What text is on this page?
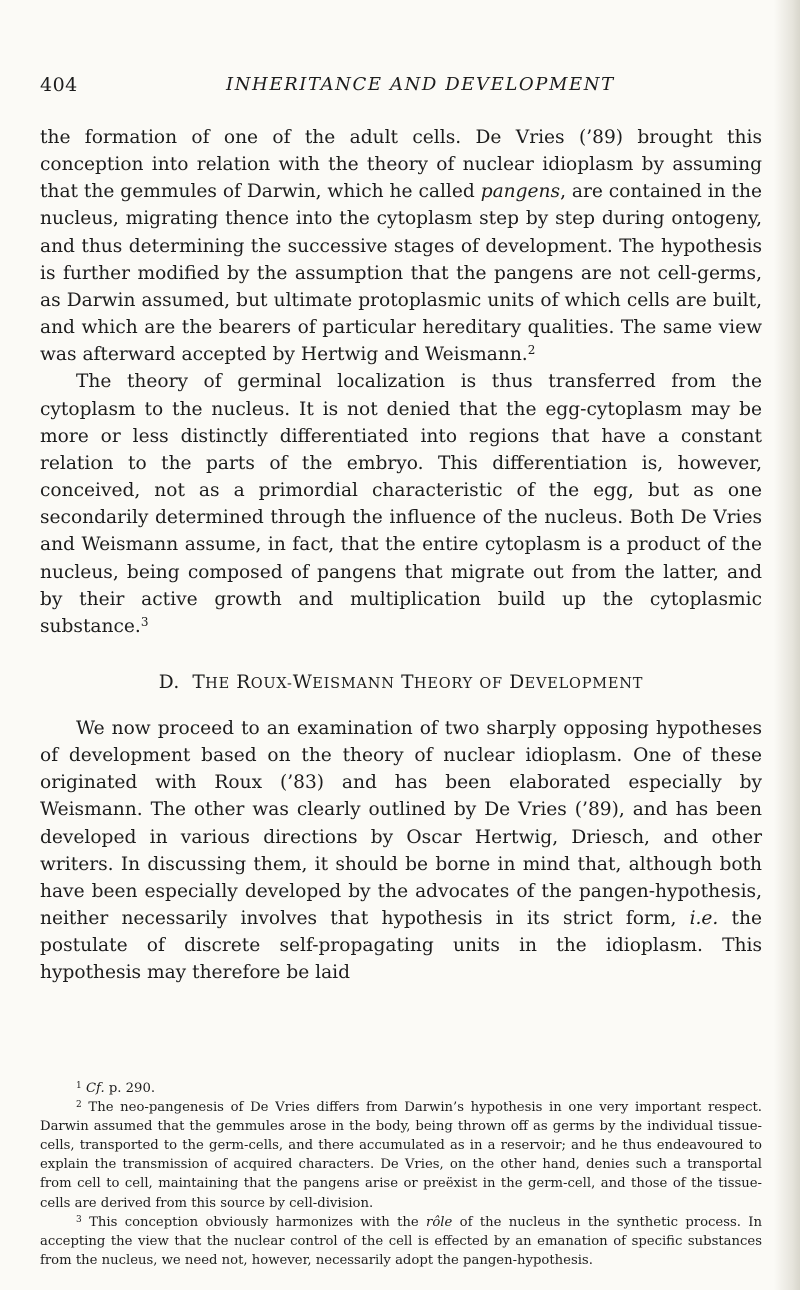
404	INHERITANCE AND DEVELOPMENT

the formation of one of the adult cells. De Vries (’89) brought this conception into relation with the theory of nuclear idioplasm by assuming that the gemmules of Darwin, which he called pangens, are contained in the nucleus, migrating thence into the cytoplasm step by step during ontogeny, and thus determining the successive stages of development. The hypothesis is further modified by the assumption that the pangens are not cell-germs, as Darwin assumed, but ultimate protoplasmic units of which cells are built, and which are the bearers of particular hereditary qualities. The same view was afterward accepted by Hertwig and Weismann.$^2$

The theory of germinal localization is thus transferred from the cytoplasm to the nucleus. It is not denied that the egg-cytoplasm may be more or less distinctly differentiated into regions that have a constant relation to the parts of the embryo. This differentiation is, however, conceived, not as a primordial characteristic of the egg, but as one secondarily determined through the influence of the nucleus. Both De Vries and Weismann assume, in fact, that the entire cytoplasm is a product of the nucleus, being composed of pangens that migrate out from the latter, and by their active growth and multiplication build up the cytoplasmic substance.$^3$

D. THE ROUX-WEISMANN THEORY OF DEVELOPMENT

We now proceed to an examination of two sharply opposing hypotheses of development based on the theory of nuclear idioplasm. One of these originated with Roux (’83) and has been elaborated especially by Weismann. The other was clearly outlined by De Vries (’89), and has been developed in various directions by Oscar Hertwig, Driesch, and other writers. In discussing them, it should be borne in mind that, although both have been especially developed by the advocates of the pangen-hypothesis, neither necessarily involves that hypothesis in its strict form, i.e. the postulate of discrete self-propagating units in the idioplasm. This hypothesis may therefore be laid

$^1$ Cf. p. 290.

$^2$ The neo-pangenesis of De Vries differs from Darwin’s hypothesis in one very important respect. Darwin assumed that the gemmules arose in the body, being thrown off as germs by the individual tissue-cells, transported to the germ-cells, and there accumulated as in a reservoir; and he thus endeavoured to explain the transmission of acquired characters. De Vries, on the other hand, denies such a transportal from cell to cell, maintaining that the pangens arise or preëxist in the germ-cell, and those of the tissue-cells are derived from this source by cell-division.

$^3$ This conception obviously harmonizes with the rôle of the nucleus in the synthetic process. In accepting the view that the nuclear control of the cell is effected by an emanation of specific substances from the nucleus, we need not, however, necessarily adopt the pangen-hypothesis.
